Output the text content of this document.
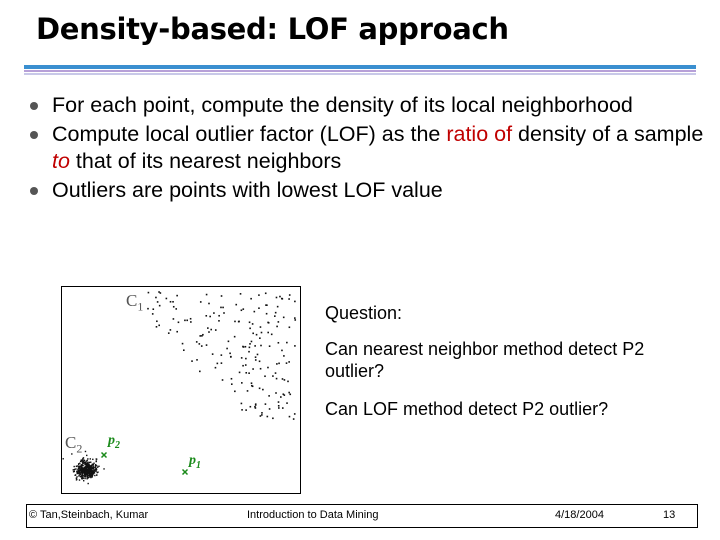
Density-based: LOF approach
For each point, compute the density of its local neighborhood
Compute local outlier factor (LOF) as the ratio of density of a sample to that of its nearest neighbors
Outliers are points with lowest LOF value
$C_1$
$C_2$
$p_2$
$p_1$
Question:
Can nearest neighbor method detect P2 outlier?
Can LOF method detect P2 outlier?
© Tan,Steinbach, Kumar	Introduction to Data Mining	4/18/2004	13
